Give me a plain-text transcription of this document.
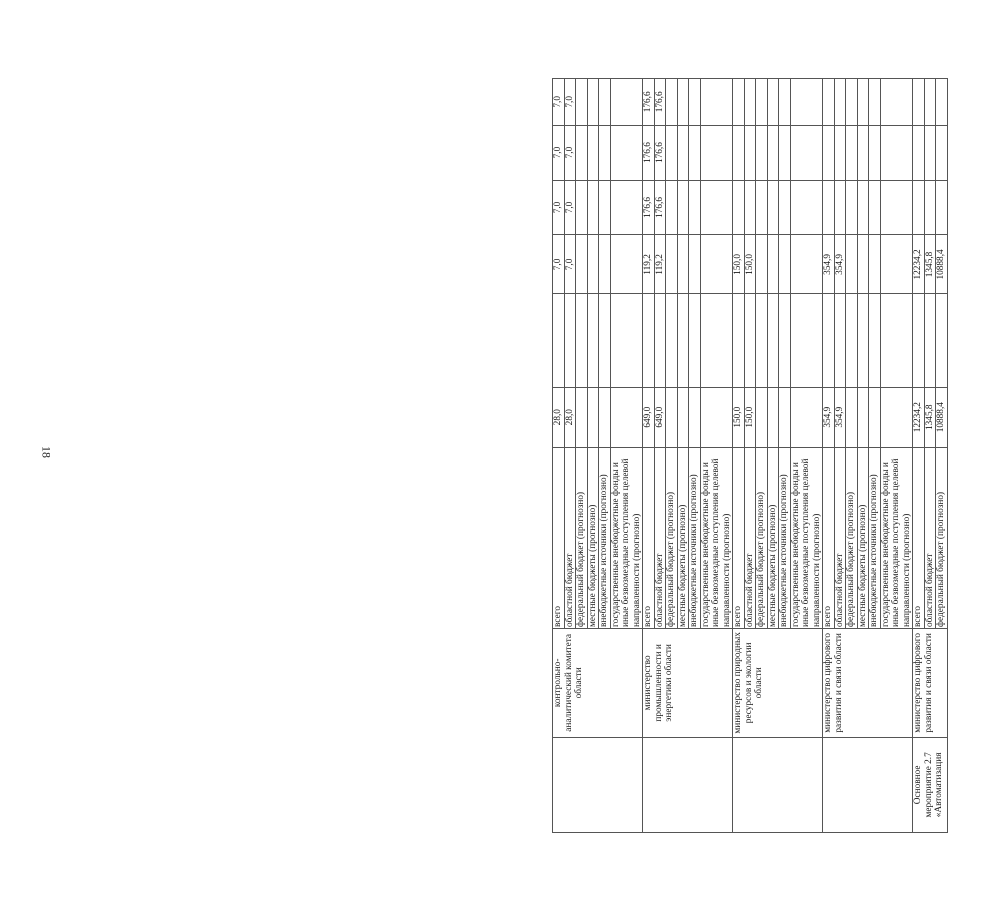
18
	контрольно-аналитический комитета области	всего	28,0		7,0	7,0	7,0	7,0
		областной бюджет	28,0		7,0	7,0	7,0	7,0
		федеральный бюджет (прогнозно)						
		местные бюджеты (прогнозно)						
		внебюджетные источники (прогнозно)						
		государственные внебюджетные фонды и иные безвозмездные поступления целевой направленности (прогнозно)						
	министерство промышленности и энергетики области	всего	649,0		119,2	176,6	176,6	176,6
		областной бюджет	649,0		119,2	176,6	176,6	176,6
		федеральный бюджет (прогнозно)						
		местные бюджеты (прогнозно)						
		внебюджетные источники (прогнозно)						
		государственные внебюджетные фонды и иные безвозмездные поступления целевой направленности (прогнозно)						
	министерство природных ресурсов и экологии области	всего	150,0		150,0			
		областной бюджет	150,0		150,0			
		федеральный бюджет (прогнозно)						
		местные бюджеты (прогнозно)						
		внебюджетные источники (прогнозно)						
		государственные внебюджетные фонды и иные безвозмездные поступления целевой направленности (прогнозно)						
	министерство цифрового развития и связи области	всего	354,9		354,9			
		областной бюджет	354,9		354,9			
		федеральный бюджет (прогнозно)						
		местные бюджеты (прогнозно)						
		внебюджетные источники (прогнозно)						
		государственные внебюджетные фонды и иные безвозмездные поступления целевой направленности (прогнозно)						
Основное мероприятие 2.7 «Автоматизация	министерство цифрового развития и связи области	всего	12234,2		12234,2			
		областной бюджет	1345,8		1345,8			
		федеральный бюджет (прогнозно)	10888,4		10888,4			
